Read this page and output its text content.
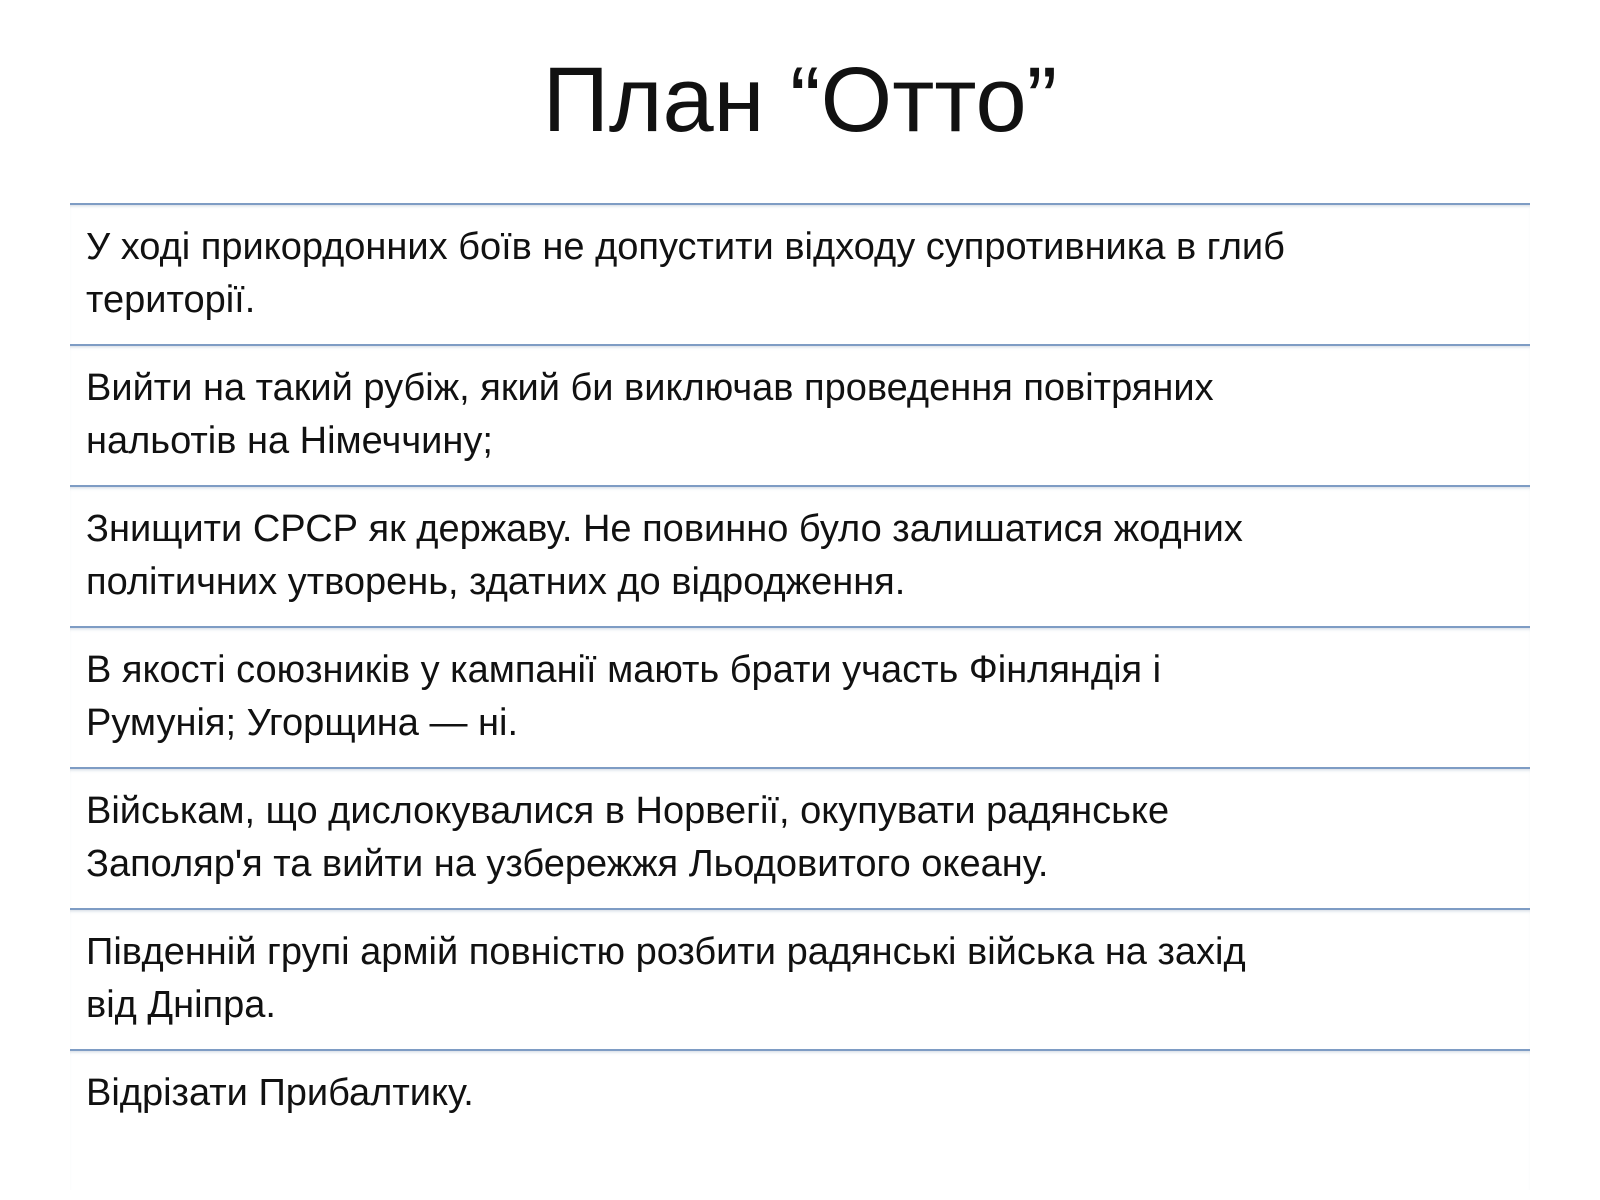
План “Отто”
У ході прикордонних боїв не допустити відходу супротивника в глиб
території.
Вийти на такий рубіж, який би виключав проведення повітряних
нальотів на Німеччину;
Знищити СРСР як державу. Не повинно було залишатися жодних
політичних утворень, здатних до відродження.
В якості союзників у кампанії мають брати участь Фінляндія і
Румунія; Угорщина — ні.
Військам, що дислокувалися в Норвегії, окупувати радянське
Заполяр'я та вийти на узбережжя Льодовитого океану.
Південній групі армій повністю розбити радянські війська на захід
від Дніпра.
Відрізати Прибалтику.
